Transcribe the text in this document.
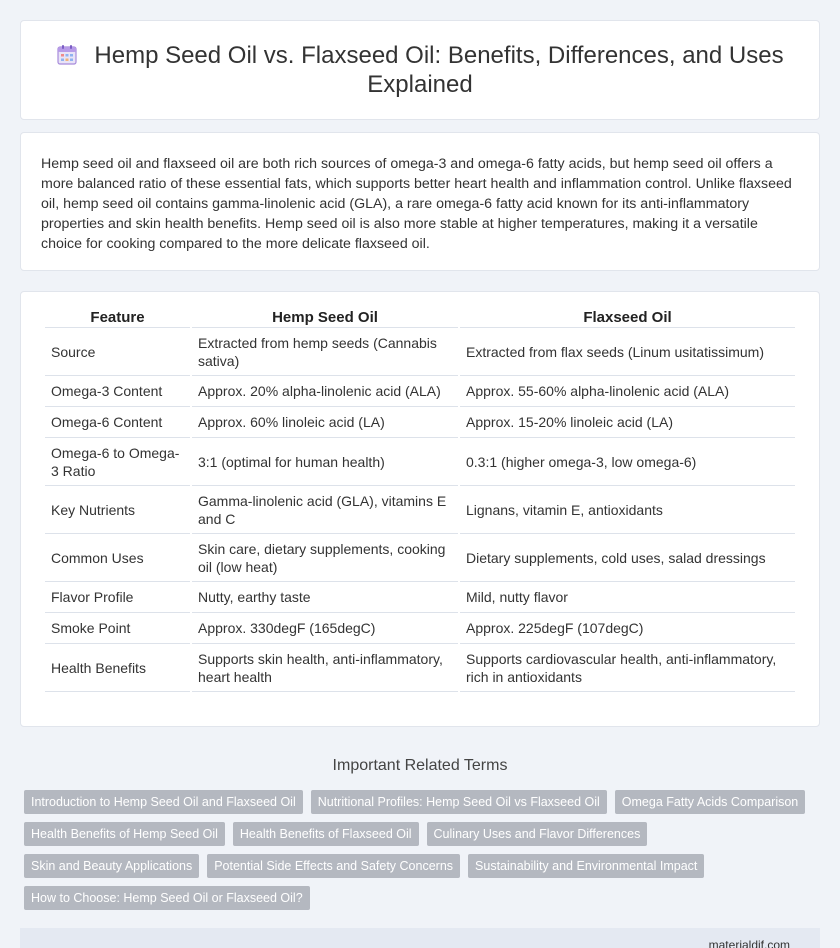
Hemp Seed Oil vs. Flaxseed Oil: Benefits, Differences, and Uses Explained

Hemp seed oil and flaxseed oil are both rich sources of omega-3 and omega-6 fatty acids, but hemp seed oil offers a more balanced ratio of these essential fats, which supports better heart health and inflammation control. Unlike flaxseed oil, hemp seed oil contains gamma-linolenic acid (GLA), a rare omega-6 fatty acid known for its anti-inflammatory properties and skin health benefits. Hemp seed oil is also more stable at higher temperatures, making it a versatile choice for cooking compared to the more delicate flaxseed oil.

Feature	Hemp Seed Oil	Flaxseed Oil
Source	Extracted from hemp seeds (Cannabis sativa)	Extracted from flax seeds (Linum usitatissimum)
Omega-3 Content	Approx. 20% alpha-linolenic acid (ALA)	Approx. 55-60% alpha-linolenic acid (ALA)
Omega-6 Content	Approx. 60% linoleic acid (LA)	Approx. 15-20% linoleic acid (LA)
Omega-6 to Omega-3 Ratio	3:1 (optimal for human health)	0.3:1 (higher omega-3, low omega-6)
Key Nutrients	Gamma-linolenic acid (GLA), vitamins E and C	Lignans, vitamin E, antioxidants
Common Uses	Skin care, dietary supplements, cooking oil (low heat)	Dietary supplements, cold uses, salad dressings
Flavor Profile	Nutty, earthy taste	Mild, nutty flavor
Smoke Point	Approx. 330degF (165degC)	Approx. 225degF (107degC)
Health Benefits	Supports skin health, anti-inflammatory, heart health	Supports cardiovascular health, anti-inflammatory, rich in antioxidants
Important Related Terms
Introduction to Hemp Seed Oil and Flaxseed Oil	Nutritional Profiles: Hemp Seed Oil vs Flaxseed Oil	Omega Fatty Acids Comparison
Health Benefits of Hemp Seed Oil	Health Benefits of Flaxseed Oil	Culinary Uses and Flavor Differences
Skin and Beauty Applications	Potential Side Effects and Safety Concerns	Sustainability and Environmental Impact
How to Choose: Hemp Seed Oil or Flaxseed Oil?
materialdif.com
